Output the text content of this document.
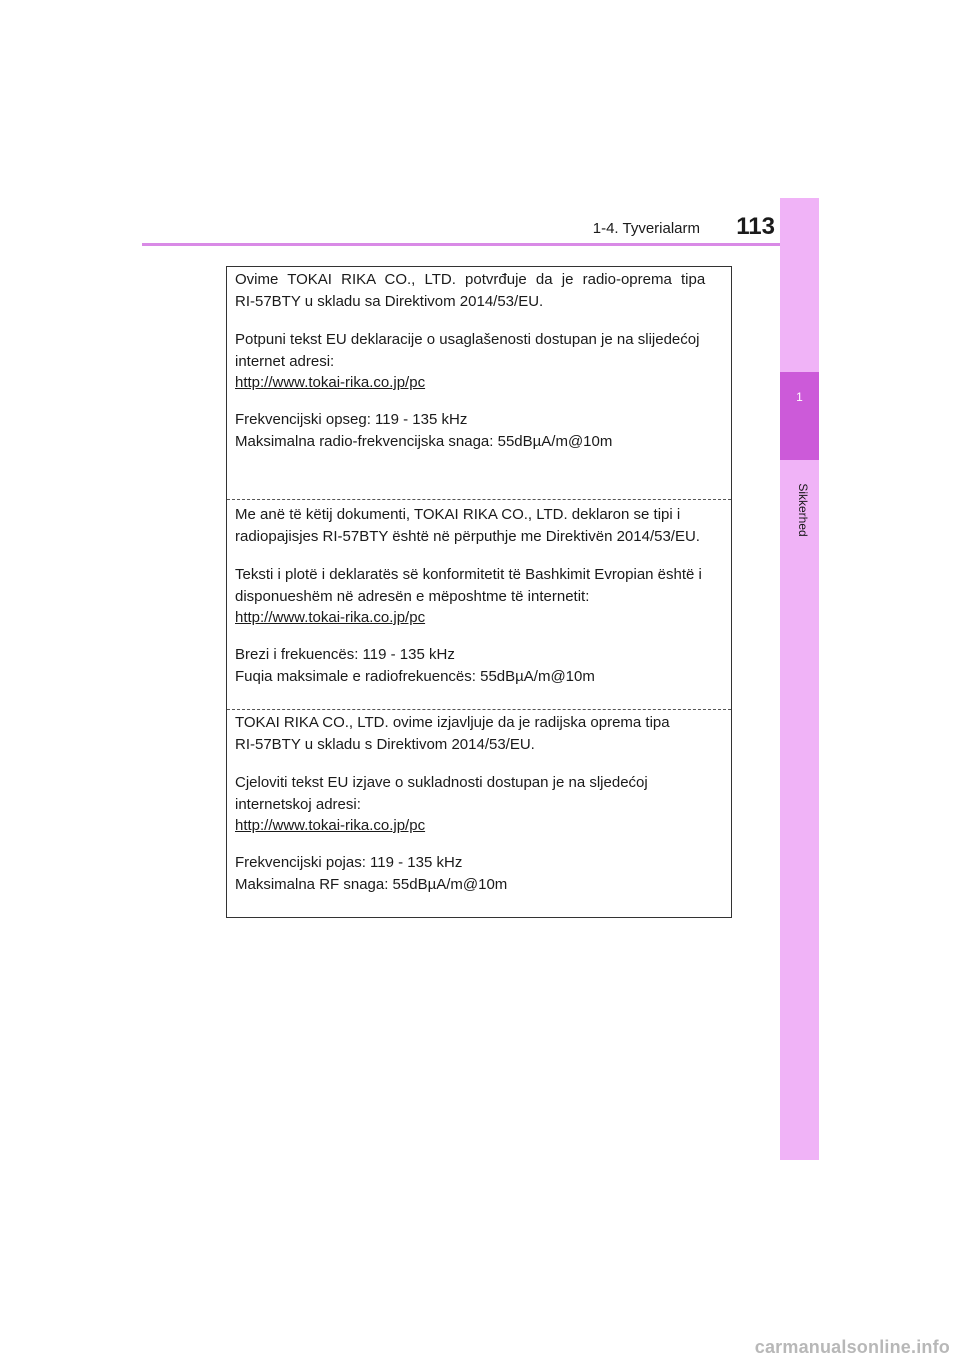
1-4. Tyverialarm	113
1
Sikkerhed

Ovime TOKAI RIKA CO., LTD. potvrđuje da je radio-oprema tipa

RI-57BTY u skladu sa Direktivom 2014/53/EU.

Potpuni tekst EU deklaracije o usaglašenosti dostupan je na slijedećoj

internet adresi:

http://www.tokai-rika.co.jp/pc

Frekvencijski opseg: 119 - 135 kHz

Maksimalna radio-frekvencijska snaga: 55dBµA/m@10m

Me anë të këtij dokumenti, TOKAI RIKA CO., LTD. deklaron se tipi i

radiopajisjes RI-57BTY është në përputhje me Direktivën 2014/53/EU.

Teksti i plotë i deklaratës së konformitetit të Bashkimit Evropian është i

disponueshëm në adresën e mëposhtme të internetit:

http://www.tokai-rika.co.jp/pc

Brezi i frekuencës: 119 - 135 kHz

Fuqia maksimale e radiofrekuencës: 55dBµA/m@10m

TOKAI RIKA CO., LTD. ovime izjavljuje da je radijska oprema tipa

RI-57BTY u skladu s Direktivom 2014/53/EU.

Cjeloviti tekst EU izjave o sukladnosti dostupan je na sljedećoj

internetskoj adresi:

http://www.tokai-rika.co.jp/pc

Frekvencijski pojas: 119 - 135 kHz

Maksimalna RF snaga: 55dBµA/m@10m

carmanualsonline.info
